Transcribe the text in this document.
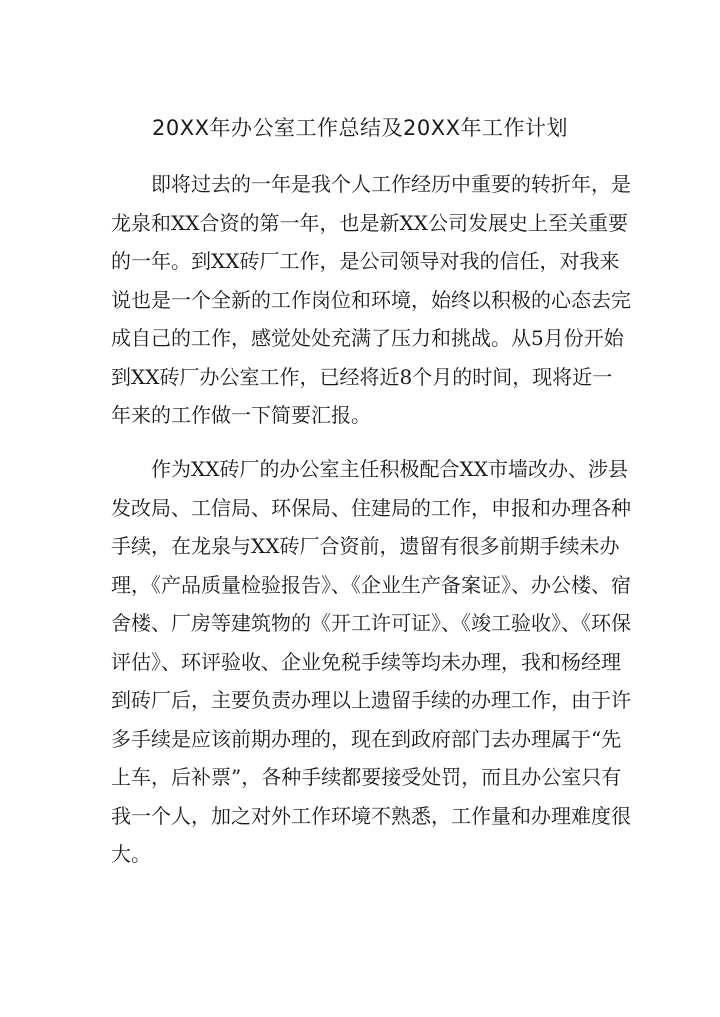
20XX年办公室工作总结及20XX年工作计划
即将过去的一年是我个人工作经历中重要的转折年，是
龙泉和XX合资的第一年，也是新XX公司发展史上至关重要
的一年。到XX砖厂工作，是公司领导对我的信任，对我来
说也是一个全新的工作岗位和环境，始终以积极的心态去完
成自己的工作，感觉处处充满了压力和挑战。从5月份开始
到XX砖厂办公室工作，已经将近8个月的时间，现将近一
年来的工作做一下简要汇报。
作为XX砖厂的办公室主任积极配合XX市墙改办、涉县
发改局、工信局、环保局、住建局的工作，申报和办理各种
手续，在龙泉与XX砖厂合资前，遗留有很多前期手续未办
理，《产品质量检验报告》、《企业生产备案证》、办公楼、宿
舍楼、厂房等建筑物的《开工许可证》、《竣工验收》、《环保
评估》、环评验收、企业免税手续等均未办理，我和杨经理
到砖厂后，主要负责办理以上遗留手续的办理工作，由于许
多手续是应该前期办理的，现在到政府部门去办理属于“先
上车，后补票”，各种手续都要接受处罚，而且办公室只有
我一个人，加之对外工作环境不熟悉，工作量和办理难度很
大。
